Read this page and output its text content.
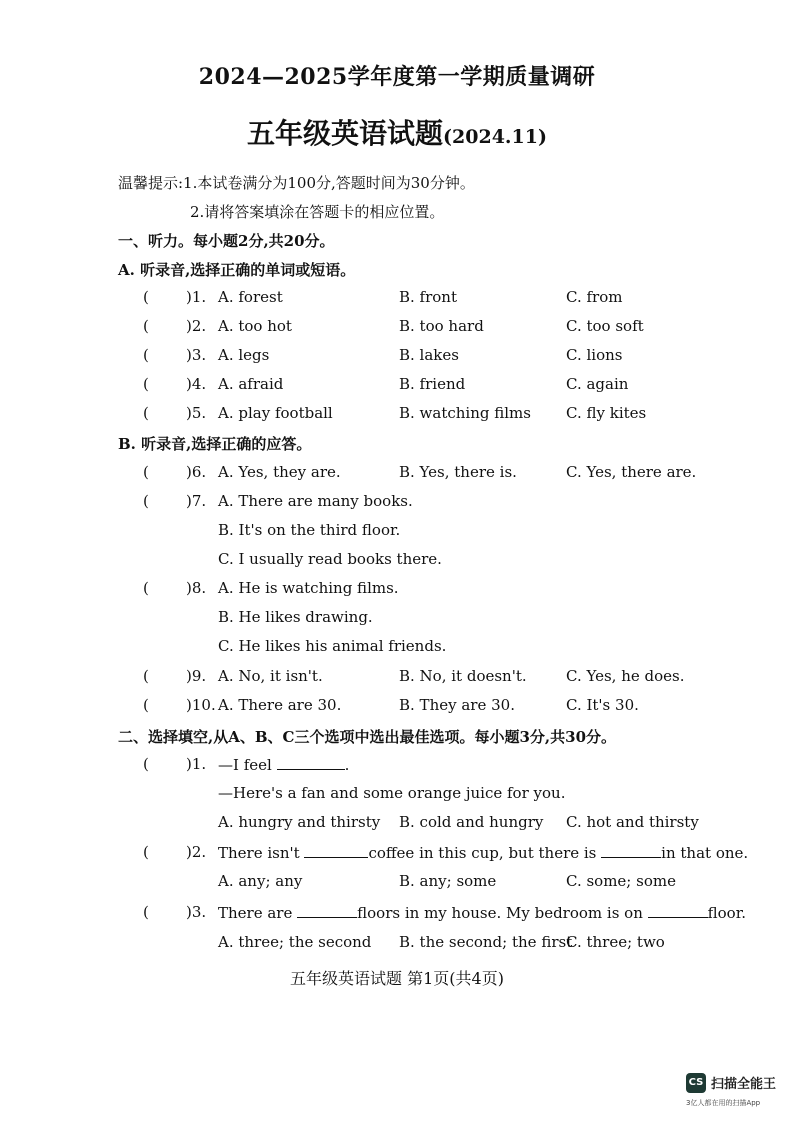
2024—2025学年度第一学期质量调研
五年级英语试题(2024.11)
温馨提示:1.本试卷满分为100分,答题时间为30分钟。
2.请将答案填涂在答题卡的相应位置。
一、听力。每小题2分,共20分。
A. 听录音,选择正确的单词或短语。
( )1. A. forest	B. front	C. from
( )2. A. too hot	B. too hard	C. too soft
( )3. A. legs	B. lakes	C. lions
( )4. A. afraid	B. friend	C. again
( )5. A. play football	B. watching films C. fly kites
B. 听录音,选择正确的应答。
( )6. A. Yes, they are.	B. Yes, there is.	C. Yes, there are.
( )7. A. There are many books.
B. It's on the third floor.
C. I usually read books there.
( )8. A. He is watching films.
B. He likes drawing.
C. He likes his animal friends.
( )9. A. No, it isn't.	B. No, it doesn't.	C. Yes, he does.
( )10. A. There are 30.	B. They are 30.	C. It's 30.
二、选择填空,从A、B、C三个选项中选出最佳选项。每小题3分,共30分。
( )1. —I feel	.
—Here's a fan and some orange juice for you.
A. hungry and thirsty B. cold and hungry C. hot and thirsty
( )2. There isn't	coffee in this cup, but there is	in that one.
A. any; any	B. any; some	C. some; some
( )3. There are	floors in my house. My bedroom is on	floor.
A. three; the second B. the second; the first
C. three; two
五年级英语试题 第1页(共4页)
CS 扫描全能王
3亿人都在用的扫描App
